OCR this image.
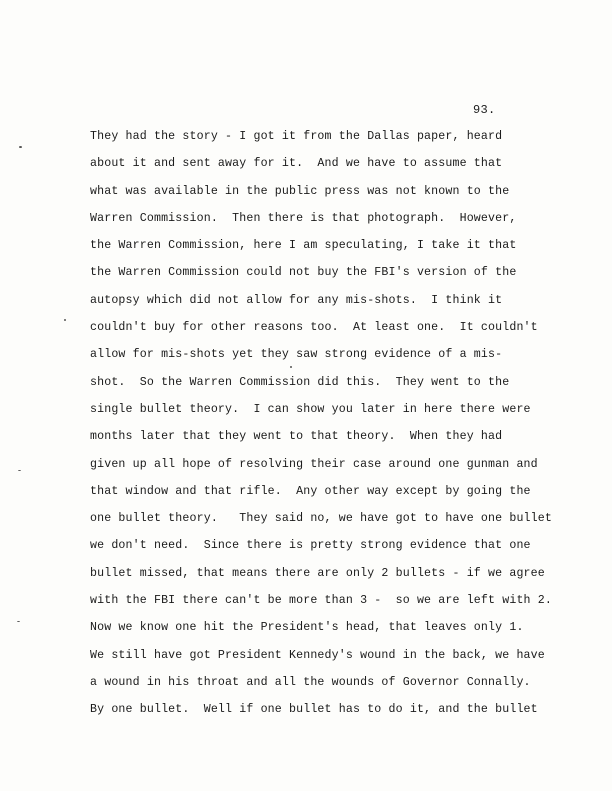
93.
They had the story - I got it from the Dallas paper, heard
about it and sent away for it.  And we have to assume that
what was available in the public press was not known to the
Warren Commission.  Then there is that photograph.  However,
the Warren Commission, here I am speculating, I take it that
the Warren Commission could not buy the FBI's version of the
autopsy which did not allow for any mis-shots.  I think it
couldn't buy for other reasons too.  At least one.  It couldn't
allow for mis-shots yet they saw strong evidence of a mis-
shot.  So the Warren Commission did this.  They went to the
single bullet theory.  I can show you later in here there were
months later that they went to that theory.  When they had
given up all hope of resolving their case around one gunman and
that window and that rifle.  Any other way except by going the
one bullet theory.   They said no, we have got to have one bullet
we don't need.  Since there is pretty strong evidence that one
bullet missed, that means there are only 2 bullets - if we agree
with the FBI there can't be more than 3 -  so we are left with 2.
Now we know one hit the President's head, that leaves only 1.
We still have got President Kennedy's wound in the back, we have
a wound in his throat and all the wounds of Governor Connally.
By one bullet.  Well if one bullet has to do it, and the bullet
